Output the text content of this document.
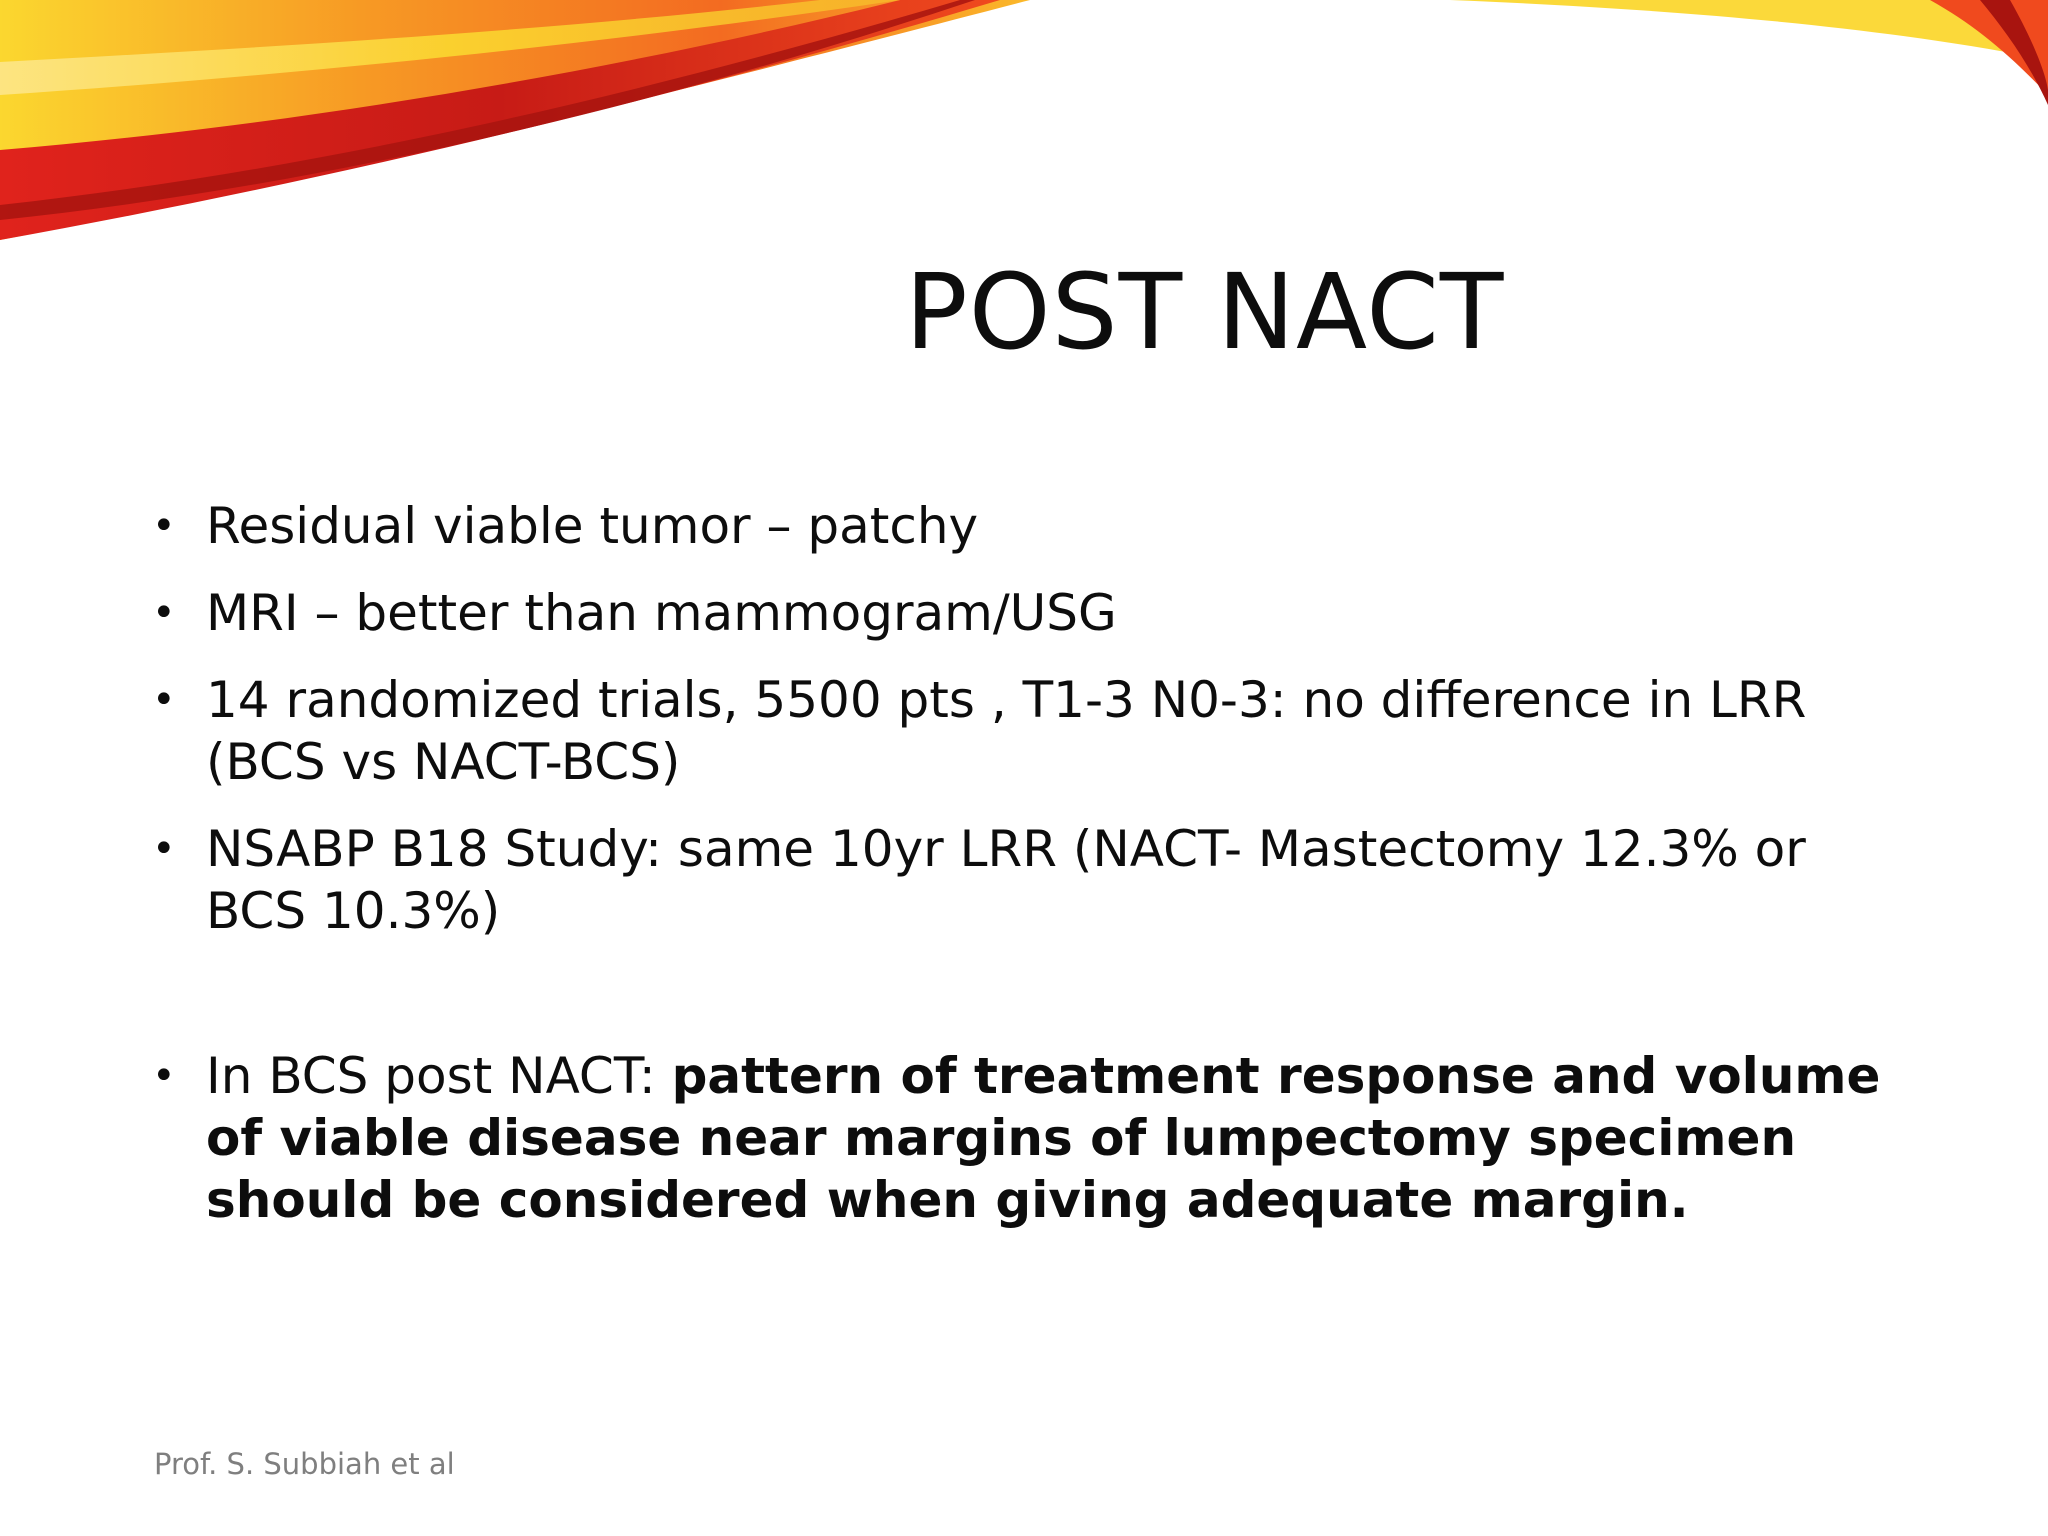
POST NACT
• Residual viable tumor – patchy
• MRI – better than mammogram/USG
• 14 randomized trials, 5500 pts , T1-3 N0-3: no difference in LRR (BCS vs NACT-BCS)
• NSABP B18 Study: same 10yr LRR (NACT- Mastectomy 12.3% or BCS 10.3%)
• In BCS post NACT: pattern of treatment response and volume of viable disease near margins of lumpectomy specimen should be considered when giving adequate margin.
Prof. S. Subbiah et al
